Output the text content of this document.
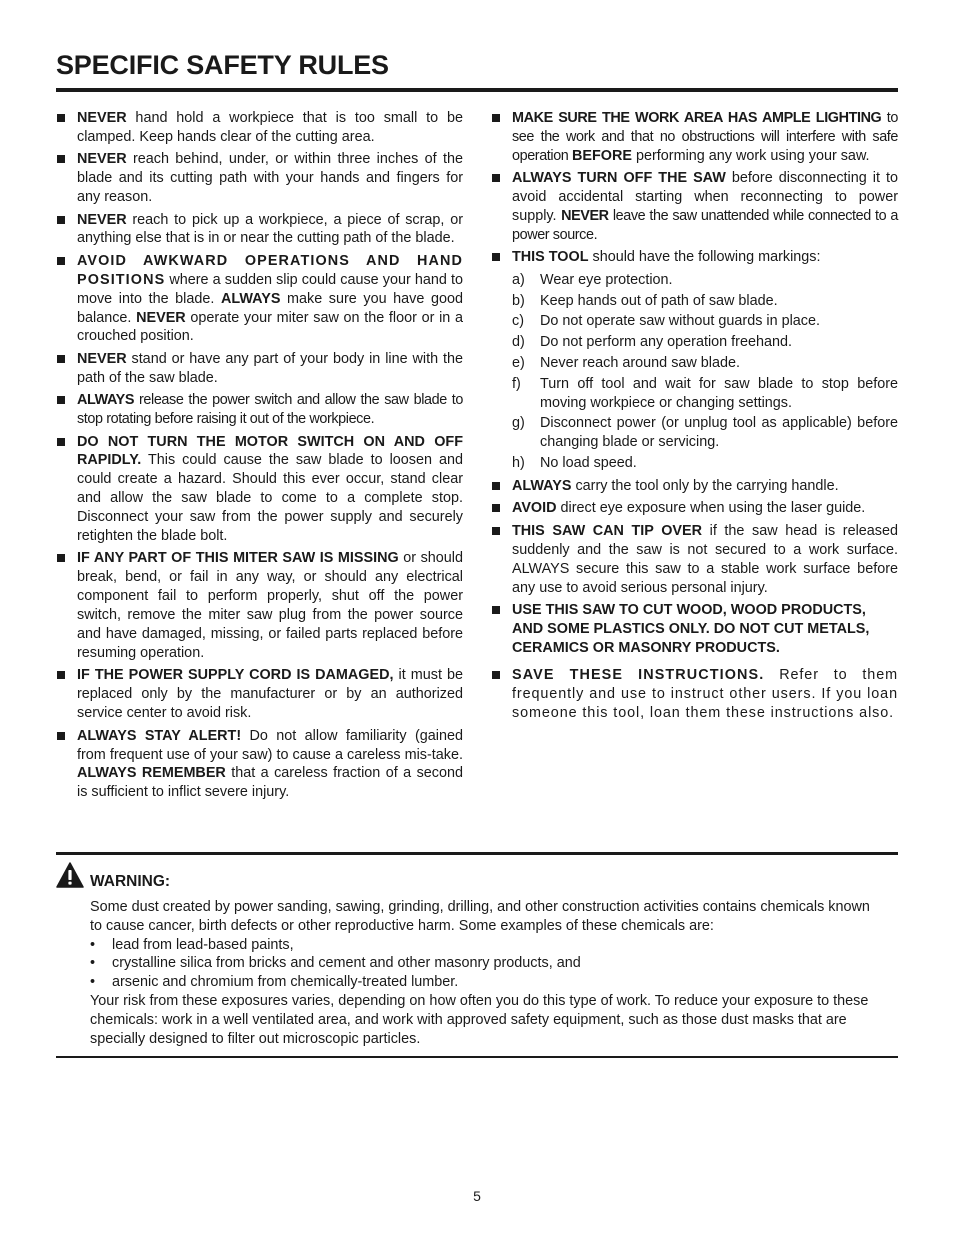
SPECIFIC SAFETY RULES

NEVER hand hold a workpiece that is too small to be clamped. Keep hands clear of the cutting area.

NEVER reach behind, under, or within three inches of the blade and its cutting path with your hands and fingers for any reason.

NEVER reach to pick up a workpiece, a piece of scrap, or anything else that is in or near the cutting path of the blade.

AVOID AWKWARD OPERATIONS AND HAND POSITIONS where a sudden slip could cause your hand to move into the blade. ALWAYS make sure you have good balance. NEVER operate your miter saw on the floor or in a crouched position.

NEVER stand or have any part of your body in line with the path of the saw blade.

ALWAYS release the power switch and allow the saw blade to stop rotating before raising it out of the workpiece.

DO NOT TURN THE MOTOR SWITCH ON AND OFF RAPIDLY. This could cause the saw blade to loosen and could create a hazard. Should this ever occur, stand clear and allow the saw blade to come to a complete stop. Disconnect your saw from the power supply and securely retighten the blade bolt.

IF ANY PART OF THIS MITER SAW IS MISSING or should break, bend, or fail in any way, or should any electrical component fail to perform properly, shut off the power switch, remove the miter saw plug from the power source and have damaged, missing, or failed parts replaced before resuming operation.

IF THE POWER SUPPLY CORD IS DAMAGED, it must be replaced only by the manufacturer or by an authorized service center to avoid risk.

ALWAYS STAY ALERT! Do not allow familiarity (gained from frequent use of your saw) to cause a careless mis-take. ALWAYS REMEMBER that a careless fraction of a second is sufficient to inflict severe injury.

MAKE SURE THE WORK AREA HAS AMPLE LIGHTING to see the work and that no obstructions will interfere with safe operation BEFORE performing any work using your saw.

ALWAYS TURN OFF THE SAW before disconnecting it to avoid accidental starting when reconnecting to power supply. NEVER leave the saw unattended while connected to a power source.

THIS TOOL should have the following markings:

a) Wear eye protection.

b) Keep hands out of path of saw blade.

c) Do not operate saw without guards in place.

d) Do not perform any operation freehand.

e) Never reach around saw blade.

f) Turn off tool and wait for saw blade to stop before moving workpiece or changing settings.

g) Disconnect power (or unplug tool as applicable) before changing blade or servicing.

h) No load speed.

ALWAYS carry the tool only by the carrying handle.

AVOID direct eye exposure when using the laser guide.

THIS SAW CAN TIP OVER if the saw head is released suddenly and the saw is not secured to a work surface. ALWAYS secure this saw to a stable work surface before any use to avoid serious personal injury.

USE THIS SAW TO CUT WOOD, WOOD PRODUCTS, AND SOME PLASTICS ONLY. DO NOT CUT METALS, CERAMICS OR MASONRY PRODUCTS.

SAVE THESE INSTRUCTIONS. Refer to them frequently and use to instruct other users. If you loan someone this tool, loan them these instructions also.

WARNING:

Some dust created by power sanding, sawing, grinding, drilling, and other construction activities contains chemicals known to cause cancer, birth defects or other reproductive harm. Some examples of these chemicals are:

• lead from lead-based paints,
• crystalline silica from bricks and cement and other masonry products, and
• arsenic and chromium from chemically-treated lumber.

Your risk from these exposures varies, depending on how often you do this type of work. To reduce your exposure to these chemicals: work in a well ventilated area, and work with approved safety equipment, such as those dust masks that are specially designed to filter out microscopic particles.

5
